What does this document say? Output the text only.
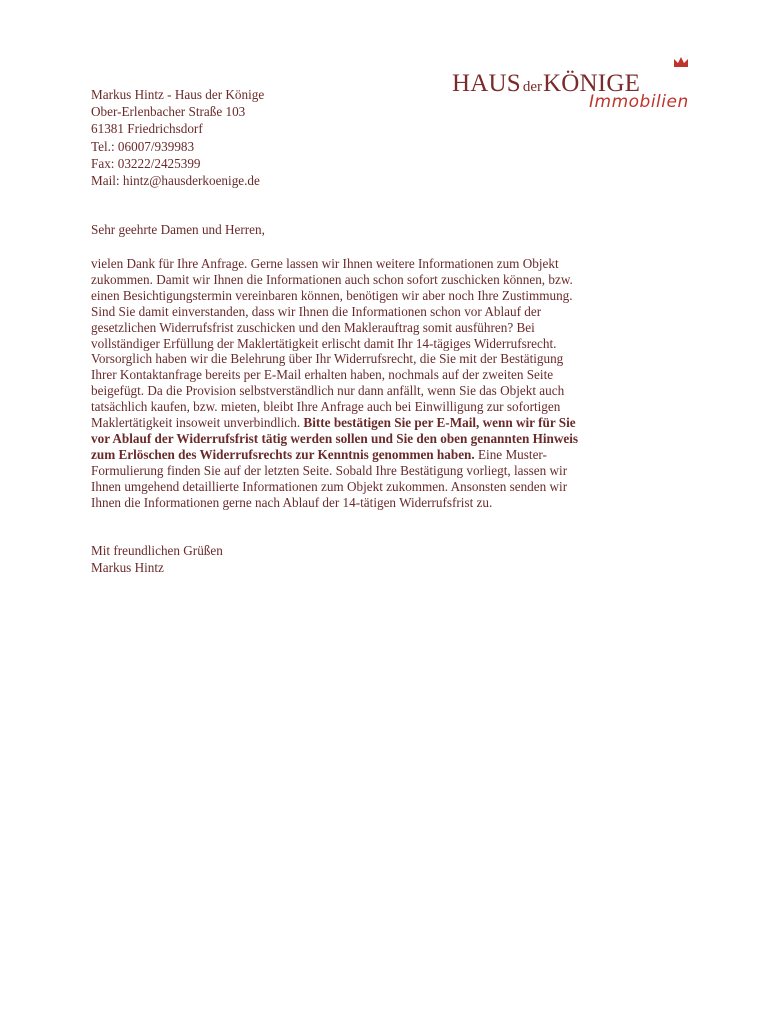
Markus Hintz - Haus der Könige
Ober-Erlenbacher Straße 103
61381 Friedrichsdorf
Tel.: 06007/939983
Fax: 03222/2425399
Mail: hintz@hausderkoenige.de
HAUS derKÖNIGE
Immobilien
Sehr geehrte Damen und Herren,
vielen Dank für Ihre Anfrage. Gerne lassen wir Ihnen weitere Informationen zum Objekt
zukommen. Damit wir Ihnen die Informationen auch schon sofort zuschicken können, bzw.
einen Besichtigungstermin vereinbaren können, benötigen wir aber noch Ihre Zustimmung.
Sind Sie damit einverstanden, dass wir Ihnen die Informationen schon vor Ablauf der
gesetzlichen Widerrufsfrist zuschicken und den Maklerauftrag somit ausführen? Bei
vollständiger Erfüllung der Maklertätigkeit erlischt damit Ihr 14-tägiges Widerrufsrecht.
Vorsorglich haben wir die Belehrung über Ihr Widerrufsrecht, die Sie mit der Bestätigung
Ihrer Kontaktanfrage bereits per E-Mail erhalten haben, nochmals auf der zweiten Seite
beigefügt. Da die Provision selbstverständlich nur dann anfällt, wenn Sie das Objekt auch
tatsächlich kaufen, bzw. mieten, bleibt Ihre Anfrage auch bei Einwilligung zur sofortigen
Maklertätigkeit insoweit unverbindlich. Bitte bestätigen Sie per E-Mail, wenn wir für Sie
vor Ablauf der Widerrufsfrist tätig werden sollen und Sie den oben genannten Hinweis
zum Erlöschen des Widerrufsrechts zur Kenntnis genommen haben. Eine Muster-
Formulierung finden Sie auf der letzten Seite. Sobald Ihre Bestätigung vorliegt, lassen wir
Ihnen umgehend detaillierte Informationen zum Objekt zukommen. Ansonsten senden wir
Ihnen die Informationen gerne nach Ablauf der 14-tätigen Widerrufsfrist zu.
Mit freundlichen Grüßen
Markus Hintz
